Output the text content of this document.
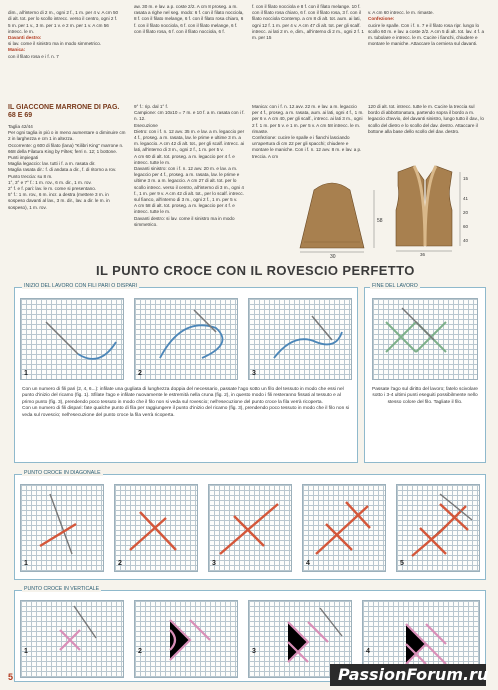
dim., all'interno di 2 m., ogni 2 f., 1 m. per 4 v. A cm 50 di alt. tot. per lo scollo intrecc. verso il centro, ogni 2 f. 5 m. per 1 v., 3 m. per 1 v. e 2 m. per 1 v. A cm 56 intrecc. le m.
Davanti destro:
si lav. come il sinistro ma in modo simmetrico.
Manica:
con il filato rosa e i f. n. 7

aw. 30 m. e lav. a p. coste 2/2. A cm 8 proseg. a m. rasata a righe nel seg. modo: 6 f. con il filato nocciola, 8 f. con il filato melange, 6 f. con il filato rosa chiaro, 6 f. con il filato nocciola, 6 f. con il filato melange, 6 f. con il filato rosa, 6 f. con il filato nocciola, 6 f.
f. con il filato nocciola e 8 f. con il filato melange. 10 f. con il filato rosa chiaro, 6 f. con il filato rosa, 3 f. con il filato nocciola Contemp. a cm 8 di alt. tot. aum. ai lati, ogni 12 f. 1 m. per 4 v. A cm 47 di alt. tot. per gli scalf. intrecc. ai lati 2 m. e, dim., all'interno di 2 m., ogni 2 f. 1 m. per 15

v. A cm 60 intrecc. le m. rimaste.
Confezione:
cucire le spalle. Con i f. n. 7 e il filato rosa ripr. lungo lo scollo 60 m. e lav. a coste 2/2. A cm 5 di alt. tot. lav. 4 f. a m. tubolare e intrecc. le m. Cucire i fianchi, chiudere e montare le maniche. Attaccare la cerniera sul davanti.

IL GIACCONE MARRONE DI PAG. 68 E 69
Taglia 42/44
Per ogni taglia in più o in meno aumentare o diminuire cm 2 in larghezza e cm 1 in altezza.
Occorrente: g 600 di filato (lana) "Kilibri King" marrone n. 668 della Filatura King by Filtes; ferri n. 12; 1 bottone.
Punti impiegati
Maglia legaccio: lav. tutti i f. a m. rasata dir.
Maglia rasata dir.: f. di andata a dir., f. di ritorno a rov.
Punto treccia: su 8 m.
1°, 3° e 7° f.: 1 m. rov., 6 m. dir., 1 m. rov.
2° f. e f. pari: lav. le m. come si presentano.
5° f.: 1 m. rov., 6 m. incr. a destra (mettere 3 m. in sospeso davanti al lav., 3 m. dir., lav. a dir. le m. in sospeso), 1 m. rov.
9° f.: rip. dal 1° f.
Campione: cm 10x10 = 7 m. e 10 f. a m. rasata con i f. n. 12.
Esecuzione
Dietro: con i f. n. 12 avv. 35 m. e lav. a m. legaccio per 4 f., proseg. a m. rasata, lav. le prime e ultime 3 m. a m. legaccio. A cm 42 di alt. tot., per gli scalf. intrecc. ai lati, all'interno di 3 m., ogni 2 f., 1 m. per 5 v.
A cm 60 di alt. tot. proseg. a m. legaccio per 4 f. e intrecc. tutte le m.
Davanti sinistro: con i f. n. 12 avv. 20 m. e lav. a m. legaccio per 4 f., proseg. a m. rasata, lav. le prime e ultime 3 m. a m. legaccio. A cm 27 di alt. tot. per lo scollo intrecc. verso il centro, all'interno di 3 m., ogni 4 f., 1 m. per 9 v. A cm 42 di alt. tot., per lo scalf. intrecc. sul fianco, all'interno di 3 m., ogni 2 f., 1 m. per 5 v.
A cm 58 di alt. tot. proseg. a m. legaccio per 4 f. e intrecc. tutte le m.
Davanti destro: si lav. come il sinistro ma in modo simmetrico.
Manica: con i f. n. 12 avv. 22 m. e lav. a m. legaccio per 4 f., proseg. a m. rasata, aum. ai lati, ogni 4 f., 1 m. per 6 v. A cm 40, per gli scalf., intrecc. ai lati 3 m., ogni 2 f. 1 m. per 5 v. e 1 m. per 5 v. A cm 58 intrecc. le m. rimaste.
Confezione: cucire le spalle e i fianchi lasciando un'apertura di cm 22 per gli spacchi; chiudere e montare le maniche. Con i f. n. 12 avv. 8 m. e lav. a p. treccia. A cm
120 di alt. tot. intrecc. tutte le m. Cucire la treccia sul bordo di abbottonatura, partendo sopra il bordo a m. legaccio d'avvio, del davanti sinistro, lungo tutto il dav., lo scollo del dietro e lo scollo del dav. destro. Attaccare il bottone alla base dello scollo del dav. destro.
58
30
15
41
20
60
40
36
IL PUNTO CROCE CON IL ROVESCIO PERFETTO
INIZIO DEL LAVORO CON FILI PARI O DISPARI
1	2	3
Con un numero di fili pari (2, 4, 6...): infilate una gugliata di lunghezza doppia del necessario, passate l'ago sotto un filo del tessuto in modo che essi nel punto d'inizio del ricamo (fig. 1). Sfilate l'ago e infilate nuovamente le estremità nella cruna (fig. 2), in questo modo i fili resteranno fissati al tessuto e al primo punto (fig. 3), prendendo poco tessuto in modo che il filo non si veda sul rovescio; nell'esecuzione del punto croce la fila verrà ricoperta.
Con un numero di fili dispari: fate qualche punto di fila per raggiungere il punto d'inizio del ricamo (fig. 3), prendendo poco tessuto in modo che il filo non si veda sul rovescio; nell'esecuzione del punto croce la fila verrà ricoperta.
FINE DEL LAVORO
Passate l'ago sul diritto del lavoro; fatelo scivolare sotto i 3-4 ultimi punti eseguiti possibilmente nello stesso colore del filo. Tagliate il filo.
PUNTO CROCE IN DIAGONALE
1	2	3	4	5
PUNTO CROCE IN VERTICALE
1	2	3	4
5	PassionForum.ru
